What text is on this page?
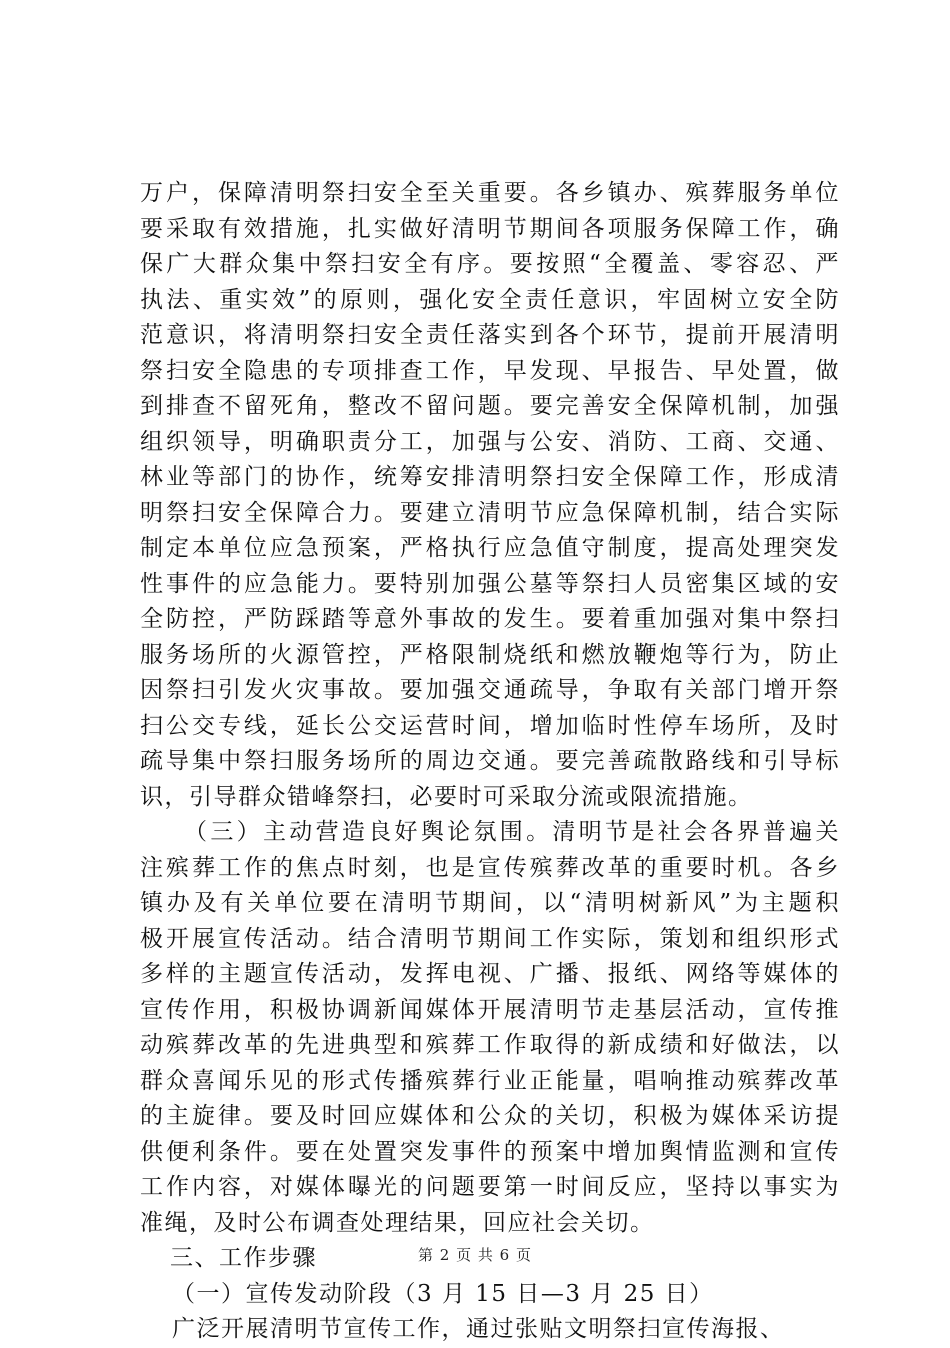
万户，保障清明祭扫安全至关重要。各乡镇办、殡葬服务单位
要采取有效措施，扎实做好清明节期间各项服务保障工作，确
保广大群众集中祭扫安全有序。要按照“全覆盖、零容忍、严
执法、重实效”的原则，强化安全责任意识，牢固树立安全防
范意识，将清明祭扫安全责任落实到各个环节，提前开展清明
祭扫安全隐患的专项排查工作，早发现、早报告、早处置，做
到排查不留死角，整改不留问题。要完善安全保障机制，加强
组织领导，明确职责分工，加强与公安、消防、工商、交通、
林业等部门的协作，统筹安排清明祭扫安全保障工作，形成清
明祭扫安全保障合力。要建立清明节应急保障机制，结合实际
制定本单位应急预案，严格执行应急值守制度，提高处理突发
性事件的应急能力。要特别加强公墓等祭扫人员密集区域的安
全防控，严防踩踏等意外事故的发生。要着重加强对集中祭扫
服务场所的火源管控，严格限制烧纸和燃放鞭炮等行为，防止
因祭扫引发火灾事故。要加强交通疏导，争取有关部门增开祭
扫公交专线，延长公交运营时间，增加临时性停车场所，及时
疏导集中祭扫服务场所的周边交通。要完善疏散路线和引导标
识，引导群众错峰祭扫，必要时可采取分流或限流措施。
（三）主动营造良好舆论氛围。清明节是社会各界普遍关
注殡葬工作的焦点时刻，也是宣传殡葬改革的重要时机。各乡
镇办及有关单位要在清明节期间，以“清明树新风”为主题积
极开展宣传活动。结合清明节期间工作实际，策划和组织形式
多样的主题宣传活动，发挥电视、广播、报纸、网络等媒体的
宣传作用，积极协调新闻媒体开展清明节走基层活动，宣传推
动殡葬改革的先进典型和殡葬工作取得的新成绩和好做法，以
群众喜闻乐见的形式传播殡葬行业正能量，唱响推动殡葬改革
的主旋律。要及时回应媒体和公众的关切，积极为媒体采访提
供便利条件。要在处置突发事件的预案中增加舆情监测和宣传
工作内容，对媒体曝光的问题要第一时间反应，坚持以事实为
准绳，及时公布调查处理结果，回应社会关切。
三、工作步骤
（一）宣传发动阶段（3 月 15 日—3 月 25 日）
广泛开展清明节宣传工作，通过张贴文明祭扫宣传海报、
第 2 页 共 6 页
